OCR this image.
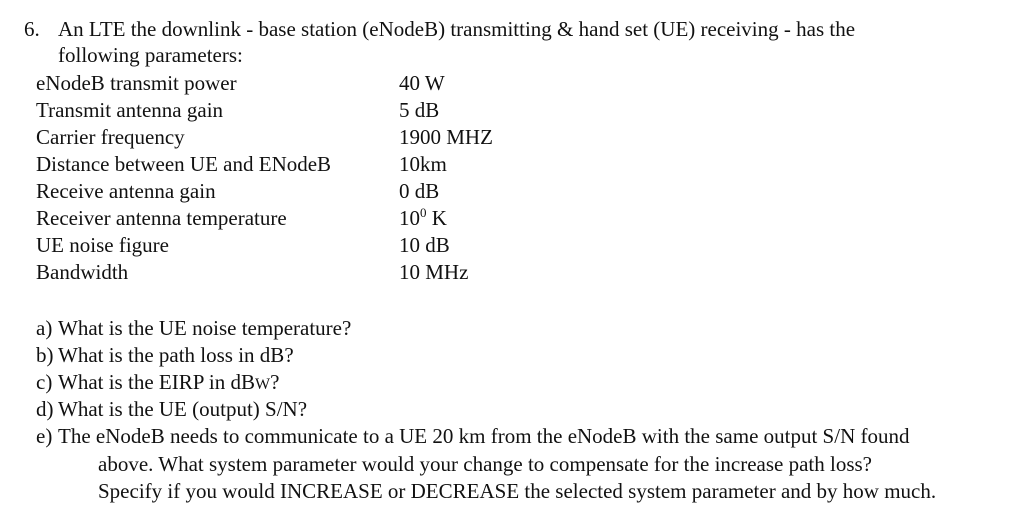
6. An LTE the downlink - base station (eNodeB) transmitting & hand set (UE) receiving - has the
following parameters:
eNodeB transmit power	40 W
Transmit antenna gain	5 dB
Carrier frequency	1900 MHZ
Distance between UE and ENodeB	10km
Receive antenna gain	0 dB
Receiver antenna temperature	$10^0$ K
UE noise figure	10 dB
Bandwidth	10 MHz
a) What is the UE noise temperature?
b) What is the path loss in dB?
c) What is the EIRP in dBW?
d) What is the UE (output) S/N?
e) The eNodeB needs to communicate to a UE 20 km from the eNodeB with the same output S/N found
above. What system parameter would your change to compensate for the increase path loss?
Specify if you would INCREASE or DECREASE the selected system parameter and by how much.
